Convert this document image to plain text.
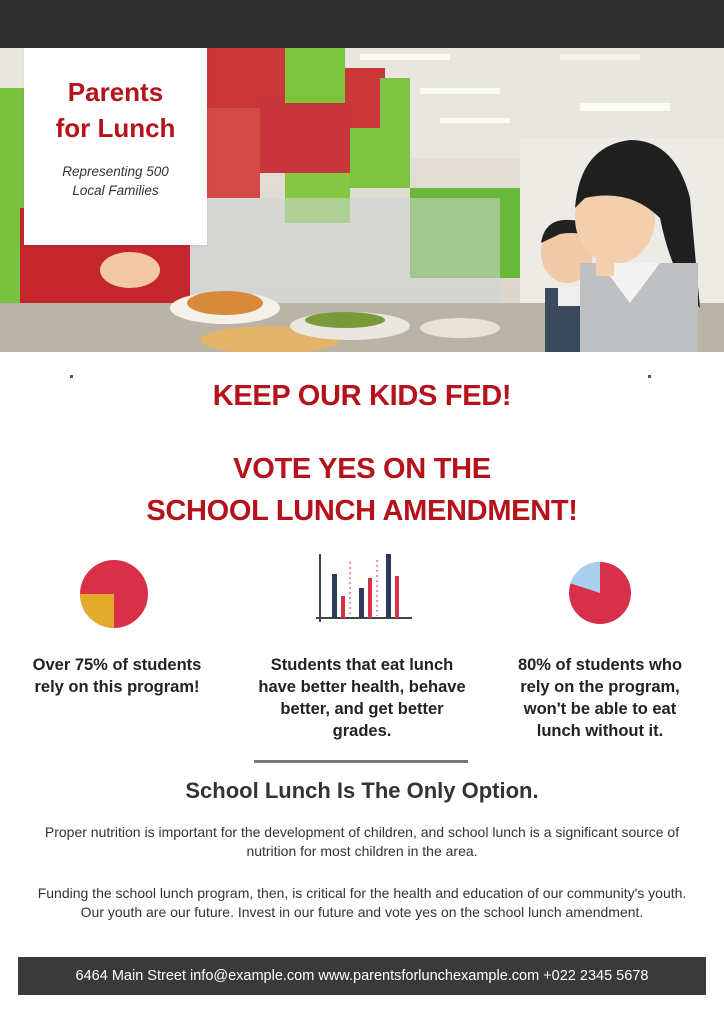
Parents
for Lunch
Representing 500
Local Families
KEEP OUR KIDS FED!
VOTE YES ON THE
SCHOOL LUNCH AMENDMENT!
Over 75% of students rely on this program!
Students that eat lunch have better health, behave better, and get better grades.
80% of students who rely on the program, won't be able to eat lunch without it.
School Lunch Is The Only Option.
Proper nutrition is important for the development of children, and school lunch is a significant source of nutrition for most children in the area.
Funding the school lunch program, then, is critical for the health and education of our community's youth. Our youth are our future. Invest in our future and vote yes on the school lunch amendment.
6464 Main Street info@example.com www.parentsforlunchexample.com +022 2345 5678
